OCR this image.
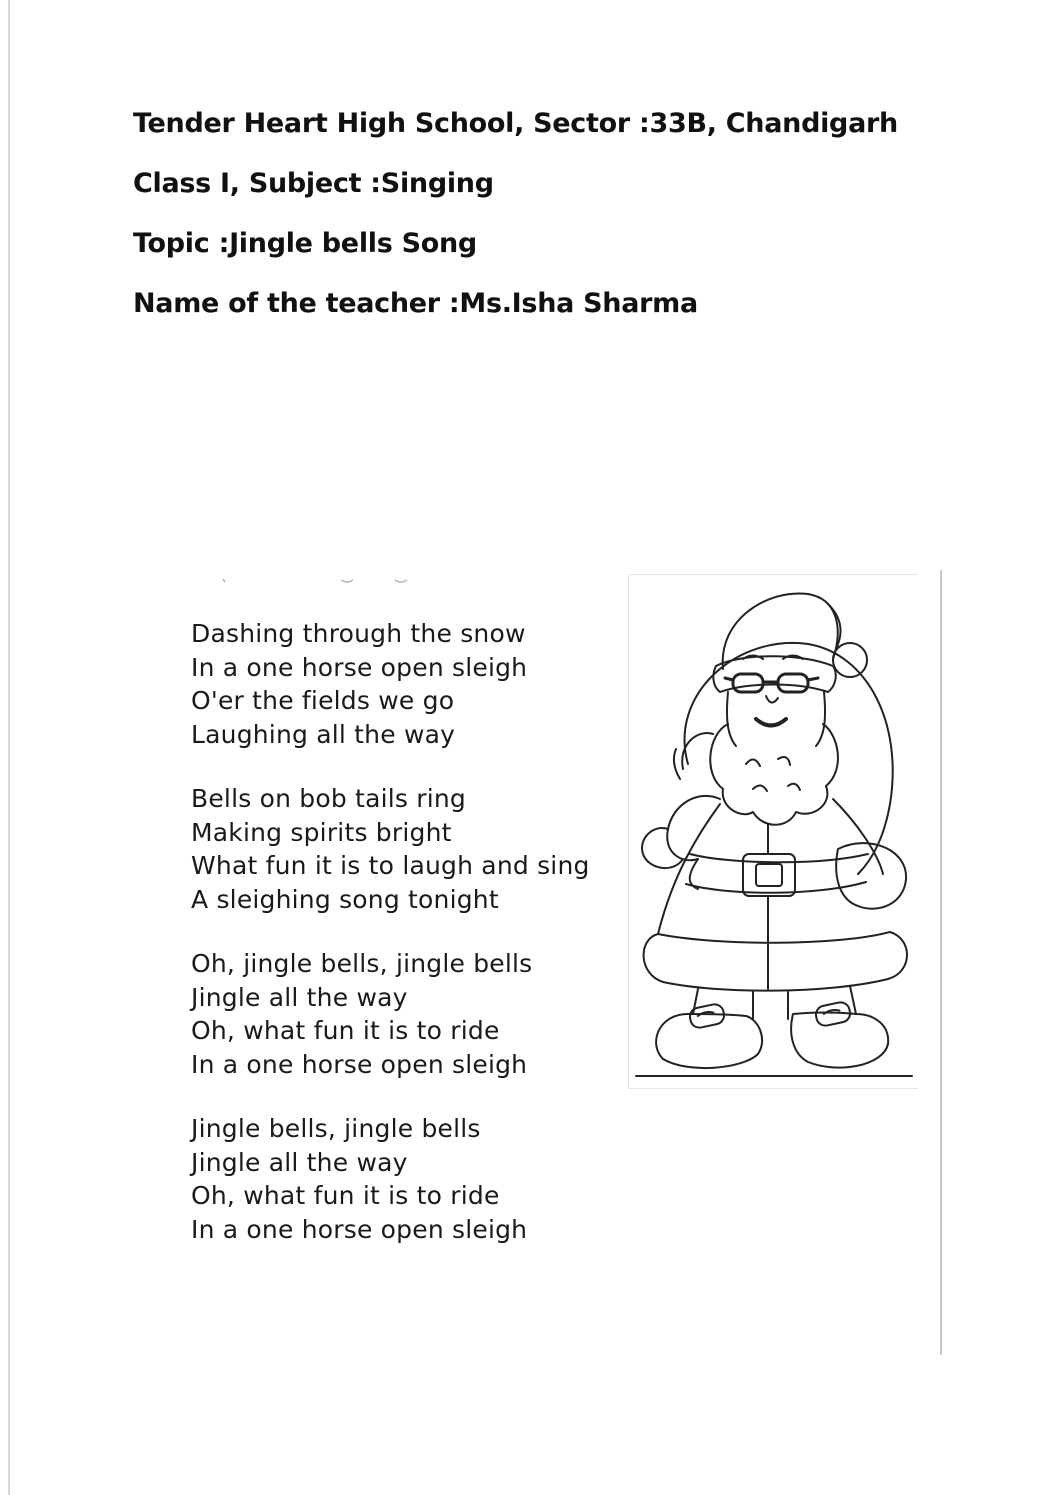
Tender Heart High School, Sector :33B, Chandigarh
Class I, Subject :Singing
Topic :Jingle bells Song
Name of the teacher :Ms.Isha Sharma
Dashing through the snow
In a one horse open sleigh
O'er the fields we go
Laughing all the way
Bells on bob tails ring
Making spirits bright
What fun it is to laugh and sing
A sleighing song tonight
Oh, jingle bells, jingle bells
Jingle all the way
Oh, what fun it is to ride
In a one horse open sleigh
Jingle bells, jingle bells
Jingle all the way
Oh, what fun it is to ride
In a one horse open sleigh
